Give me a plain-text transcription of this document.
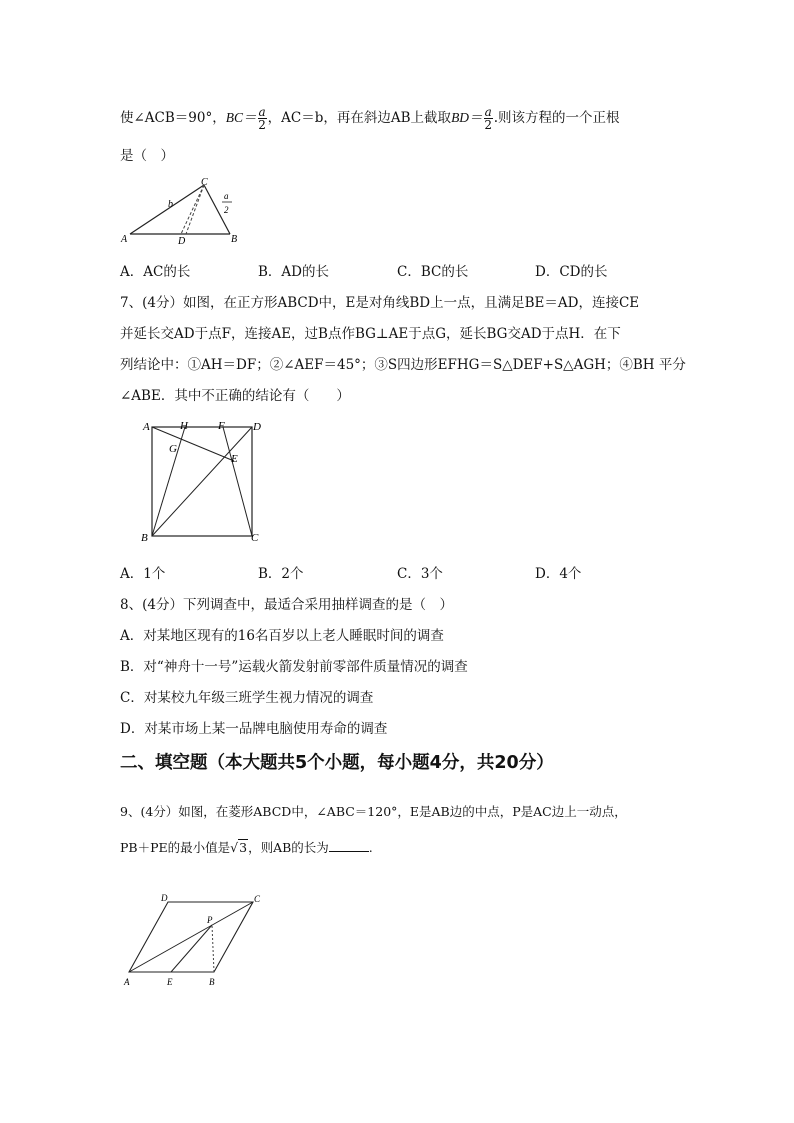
使∠ACB＝90°，$BC= \frac{a}{2}$ ，AC＝b，再在斜边AB上截取$BD= \frac{a}{2}$ .则该方程的一个正根
是（　）
A	D	B
C
b
a
2
A．AC的长	B．AD的长	C．BC的长	D．CD的长
7、(4分）如图，在正方形ABCD中，E是对角线BD上一点，且满足BE＝AD，连接CE
并延长交AD于点F，连接AE，过B点作BG⊥AE于点G，延长BG交AD于点H．在下
列结论中：①AH＝DF；②∠AEF＝45°；③S四边形EFHG＝S△DEF+S△AGH；④BH 平分
∠ABE．其中不正确的结论有（　　）
A	H	F	D
G
E
B	C
A．1个	B．2个	C．3个	D．4个
8、(4分）下列调查中，最适合采用抽样调查的是（　）
A．对某地区现有的16名百岁以上老人睡眠时间的调查
B．对“神舟十一号”运载火箭发射前零部件质量情况的调查
C．对某校九年级三班学生视力情况的调查
D．对某市场上某一品牌电脑使用寿命的调查
二、填空题（本大题共5个小题，每小题4分，共20分）
9、(4分）如图，在菱形ABCD中，∠ABC＝120°，E是AB边的中点，P是AC边上一动点，
PB＋PE的最小值是√3，则AB的长为	.
A	E	B
D	C
P
